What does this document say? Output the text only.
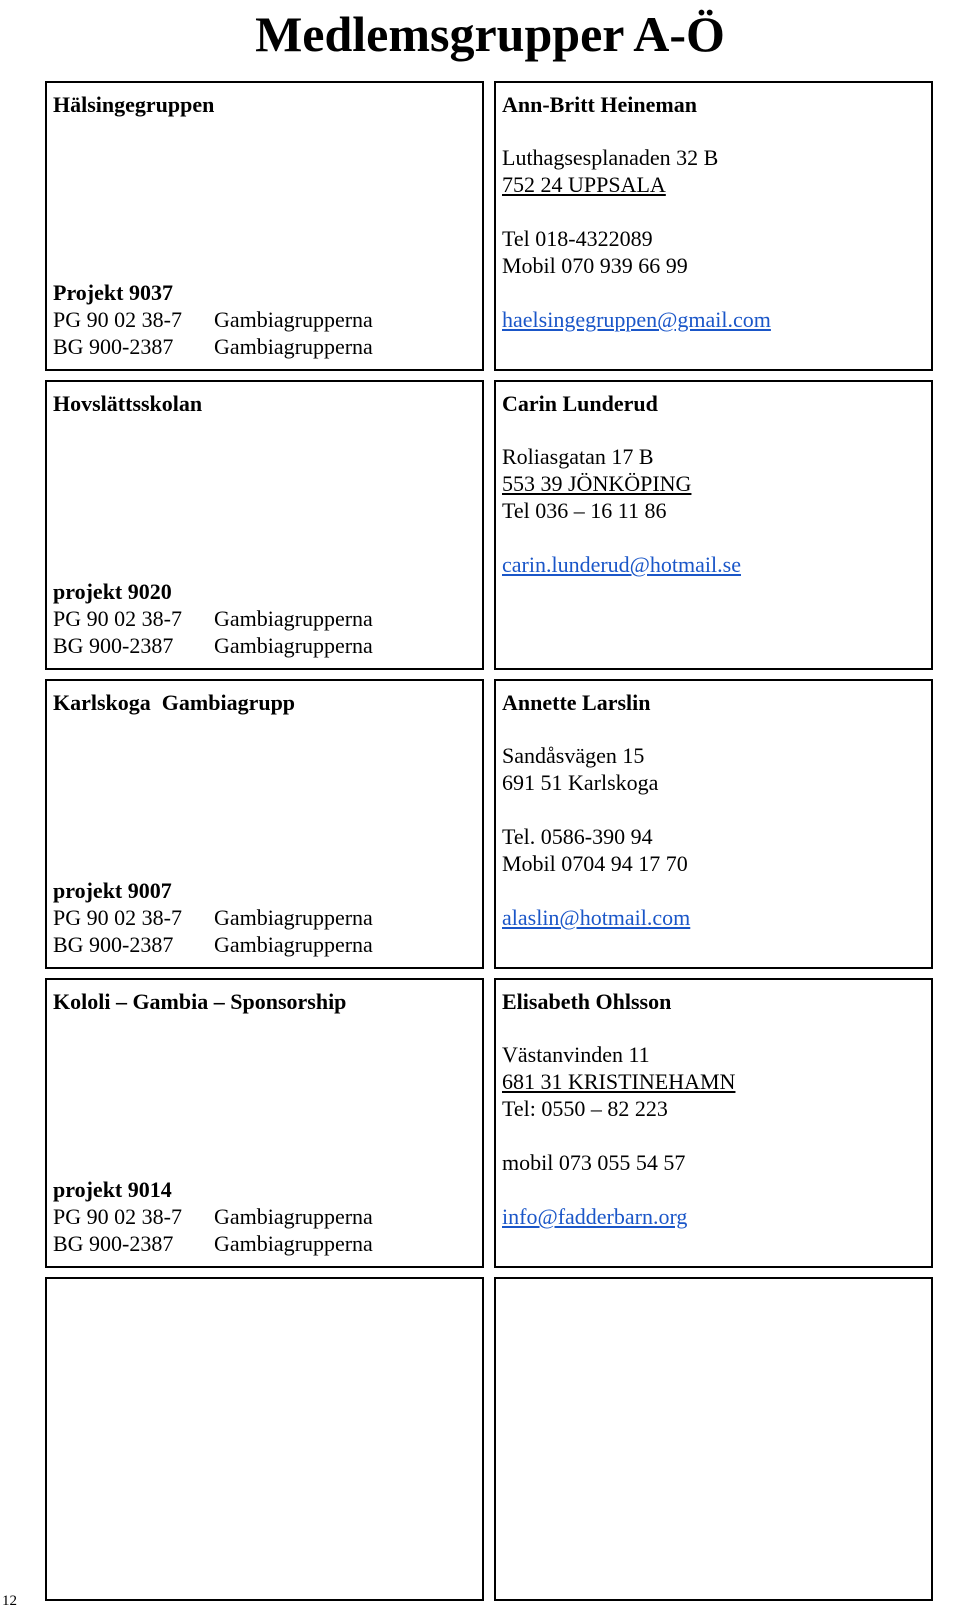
Medlemsgrupper A-Ö
Hälsingegruppen
Projekt 9037
PG 90 02 38-7 Gambiagrupperna
BG 900-2387 Gambiagrupperna
Ann-Britt Heineman
Luthagsesplanaden 32 B
752 24 UPPSALA
Tel 018-4322089
Mobil 070 939 66 99
haelsingegruppen@gmail.com
Hovslättsskolan
projekt 9020
PG 90 02 38-7 Gambiagrupperna
BG 900-2387 Gambiagrupperna
Carin Lunderud
Roliasgatan 17 B
553 39 JÖNKÖPING
Tel 036 – 16 11 86
carin.lunderud@hotmail.se
Karlskoga  Gambiagrupp
projekt 9007
PG 90 02 38-7 Gambiagrupperna
BG 900-2387 Gambiagrupperna
Annette Larslin
Sandåsvägen 15
691 51 Karlskoga
Tel. 0586-390 94
Mobil 0704 94 17 70
alaslin@hotmail.com
Kololi – Gambia – Sponsorship
projekt 9014
PG 90 02 38-7 Gambiagrupperna
BG 900-2387 Gambiagrupperna
Elisabeth Ohlsson
Västanvinden 11
681 31 KRISTINEHAMN
Tel: 0550 – 82 223
mobil 073 055 54 57
info@fadderbarn.org
12
